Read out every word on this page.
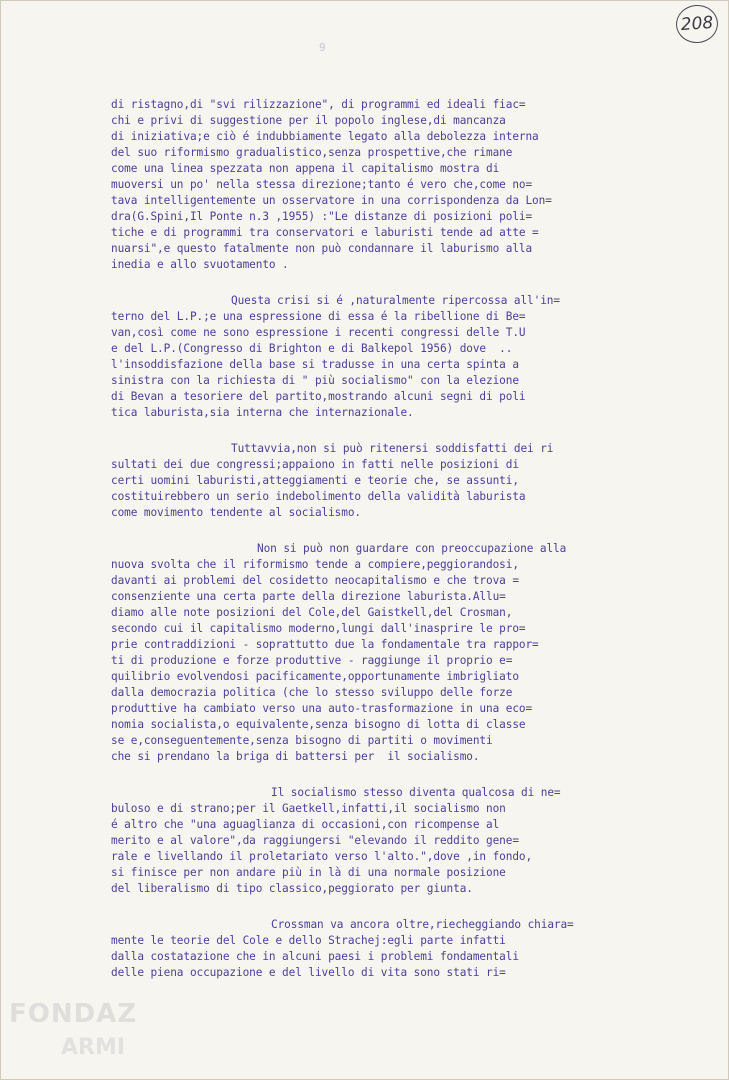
208
9
di ristagno,di "svi rilizzazione", di programmi ed ideali fiac=
chi e privi di suggestione per il popolo inglese,di mancanza
di iniziativa;e ciò é indubbiamente legato alla debolezza interna
del suo riformismo gradualistico,senza prospettive,che rimane
come una linea spezzata non appena il capitalismo mostra di
muoversi un po' nella stessa direzione;tanto é vero che,come no=
tava intelligentemente un osservatore in una corrispondenza da Lon=
dra(G.Spini,Il Ponte n.3 ,1955) :"Le distanze di posizioni poli=
tiche e di programmi tra conservatori e laburisti tende ad atte =
nuarsi",e questo fatalmente non può condannare il laburismo alla
inedia e allo svuotamento .
Questa crisi si é ,naturalmente ripercossa all'in=
terno del L.P.;e una espressione di essa é la ribellione di Be=
van,così come ne sono espressione i recenti congressi delle T.U
e del L.P.(Congresso di Brighton e di Balkepol 1956) dove  ..
l'insoddisfazione della base si tradusse in una certa spinta a
sinistra con la richiesta di " più socialismo" con la elezione
di Bevan a tesoriere del partito,mostrando alcuni segni di poli
tica laburista,sia interna che internazionale.
Tuttavvia,non si può ritenersi soddisfatti dei ri
sultati dei due congressi;appaiono in fatti nelle posizioni di
certi uomini laburisti,atteggiamenti e teorie che, se assunti,
costituirebbero un serio indebolimento della validità laburista
come movimento tendente al socialismo.
Non si può non guardare con preoccupazione alla
nuova svolta che il riformismo tende a compiere,peggiorandosi,
davanti ai problemi del cosidetto neocapitalismo e che trova =
consenziente una certa parte della direzione laburista.Allu=
diamo alle note posizioni del Cole,del Gaistkell,del Crosman,
secondo cui il capitalismo moderno,lungi dall'inasprire le pro=
prie contraddizioni - soprattutto due la fondamentale tra rappor=
ti di produzione e forze produttive - raggiunge il proprio e=
quilibrio evolvendosi pacificamente,opportunamente imbrigliato
dalla democrazia politica (che lo stesso sviluppo delle forze
produttive ha cambiato verso una auto-trasformazione in una eco=
nomia socialista,o equivalente,senza bisogno di lotta di classe
se e,conseguentemente,senza bisogno di partiti o movimenti
che si prendano la briga di battersi per  il socialismo.
Il socialismo stesso diventa qualcosa di ne=
buloso e di strano;per il Gaetkell,infatti,il socialismo non
é altro che "una aguaglianza di occasioni,con ricompense al
merito e al valore",da raggiungersi "elevando il reddito gene=
rale e livellando il proletariato verso l'alto.",dove ,in fondo,
si finisce per non andare più in là di una normale posizione
del liberalismo di tipo classico,peggiorato per giunta.
Crossman va ancora oltre,riecheggiando chiara=
mente le teorie del Cole e dello Strachej:egli parte infatti
dalla costatazione che in alcuni paesi i problemi fondamentali
delle piena occupazione e del livello di vita sono stati ri=
FONDAZ
ARMI
